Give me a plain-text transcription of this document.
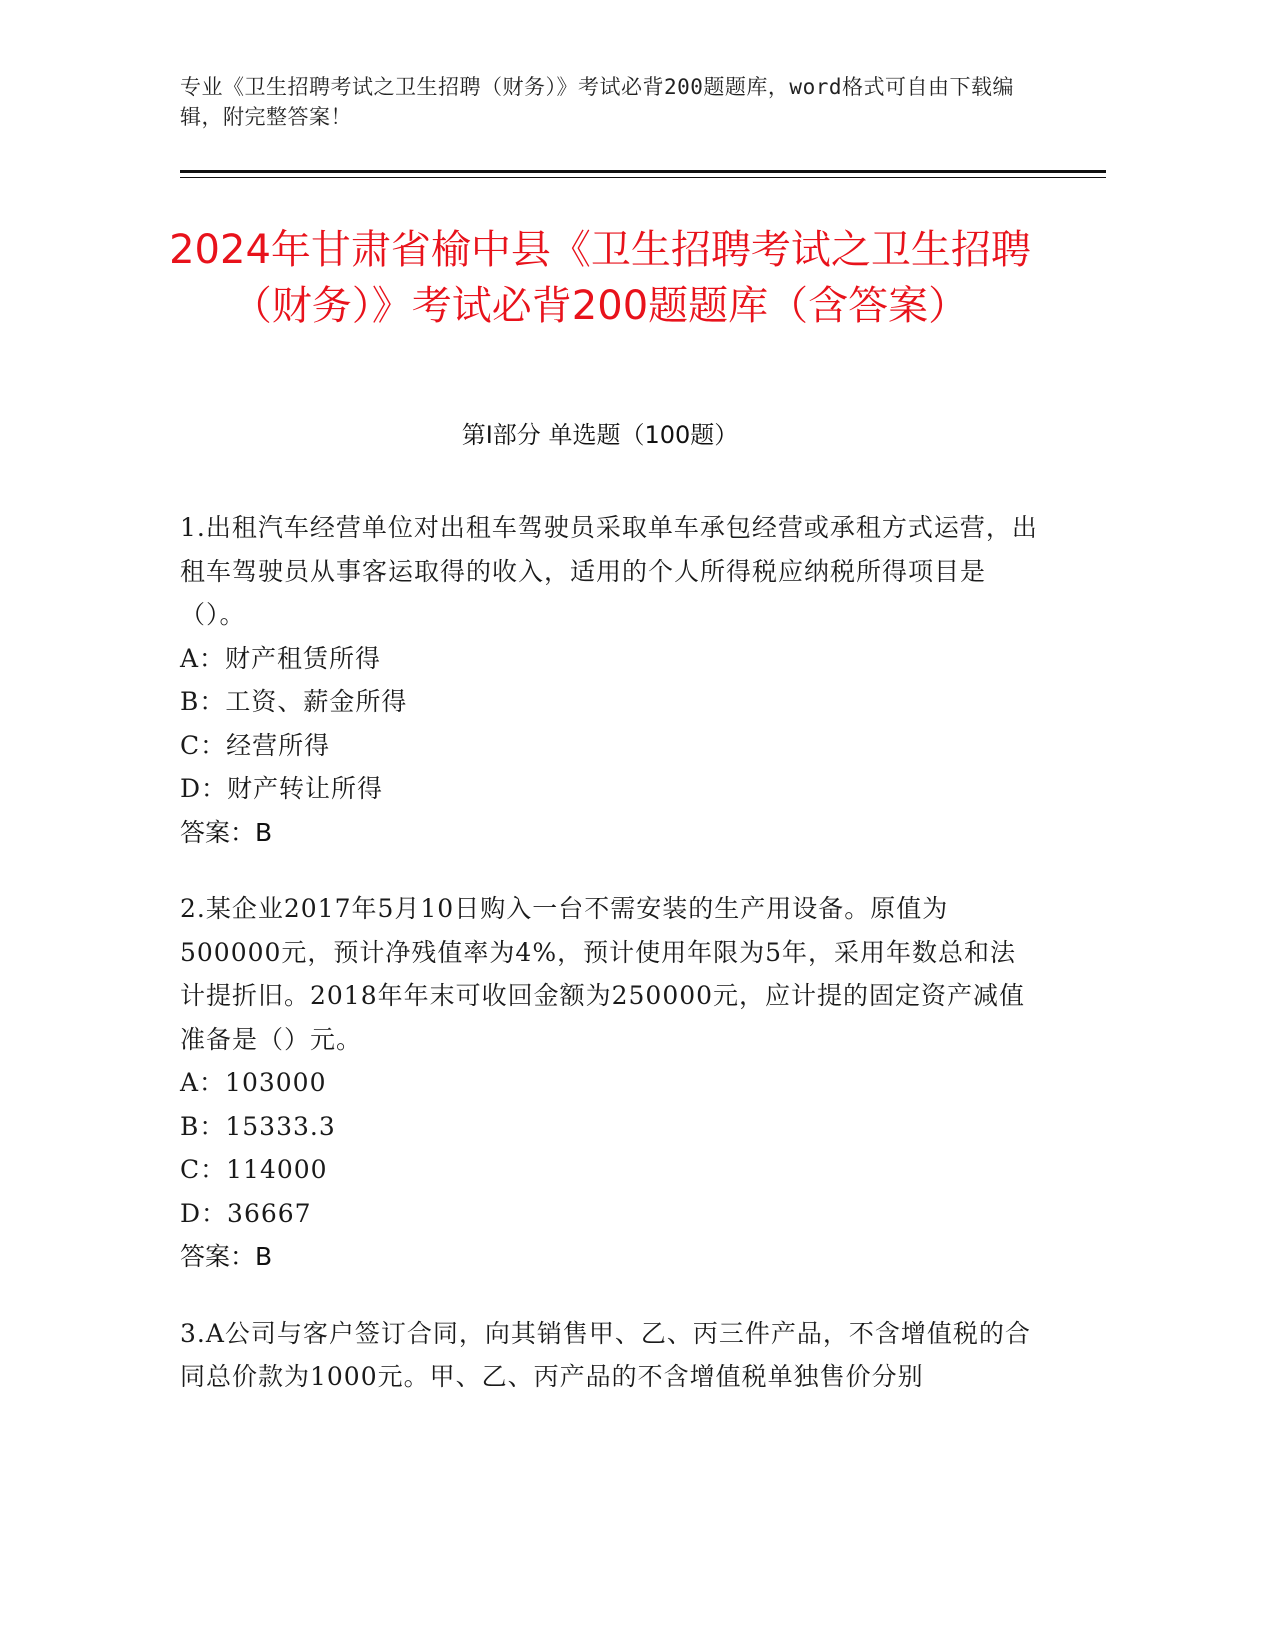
专业《卫生招聘考试之卫生招聘（财务）》考试必背200题题库，word格式可自由下载编辑，附完整答案！
2024年甘肃省榆中县《卫生招聘考试之卫生招聘（财务）》考试必背200题题库（含答案）
第I部分 单选题（100题）
1.出租汽车经营单位对出租车驾驶员采取单车承包经营或承租方式运营，出租车驾驶员从事客运取得的收入，适用的个人所得税应纳税所得项目是（）。
A：财产租赁所得
B：工资、薪金所得
C：经营所得
D：财产转让所得
答案：B
2.某企业2017年5月10日购入一台不需安装的生产用设备。原值为500000元，预计净残值率为4%，预计使用年限为5年，采用年数总和法计提折旧。2018年年末可收回金额为250000元，应计提的固定资产减值准备是（）元。
A：103000
B：15333.3
C：114000
D：36667
答案：B
3.A公司与客户签订合同，向其销售甲、乙、丙三件产品，不含增值税的合同总价款为1000元。甲、乙、丙产品的不含增值税单独售价分别
